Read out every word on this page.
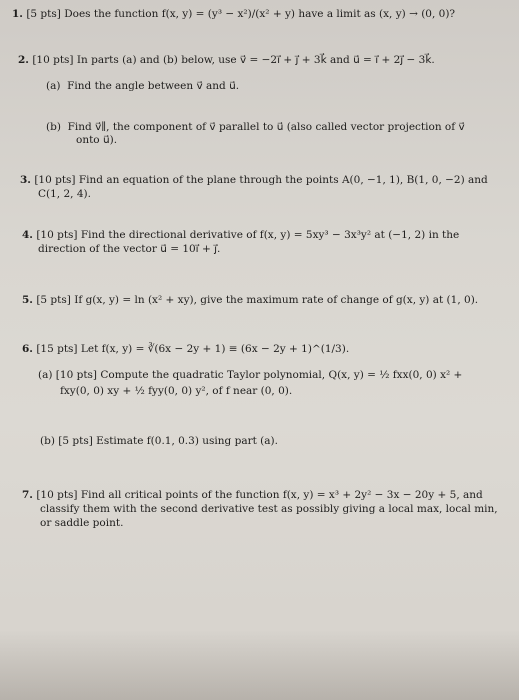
1. [5 pts] Does the function f(x, y) = (y³ − x²)/(x² + y) have a limit as (x, y) → (0, 0)?
2. [10 pts] In parts (a) and (b) below, use v⃗ = −2i⃗ + j⃗ + 3k⃗ and u⃗ = i⃗ + 2j⃗ − 3k⃗.
(a) Find the angle between v⃗ and u⃗.
(b) Find v⃗∥, the component of v⃗ parallel to u⃗ (also called vector projection of v⃗
onto u⃗).
3. [10 pts] Find an equation of the plane through the points A(0, −1, 1), B(1, 0, −2) and
C(1, 2, 4).
4. [10 pts] Find the directional derivative of f(x, y) = 5xy³ − 3x³y² at (−1, 2) in the
direction of the vector u⃗ = 10i⃗ + j⃗.
5. [5 pts] If g(x, y) = ln (x² + xy), give the maximum rate of change of g(x, y) at (1, 0).
6. [15 pts] Let f(x, y) = ∛(6x − 2y + 1) ≡ (6x − 2y + 1)^(1/3).
(a) [10 pts] Compute the quadratic Taylor polynomial, Q(x, y) = ½ fxx(0, 0) x² +
fxy(0, 0) xy + ½ fyy(0, 0) y², of f near (0, 0).
(b) [5 pts] Estimate f(0.1, 0.3) using part (a).
7. [10 pts] Find all critical points of the function f(x, y) = x³ + 2y² − 3x − 20y + 5, and
classify them with the second derivative test as possibly giving a local max, local min,
or saddle point.
